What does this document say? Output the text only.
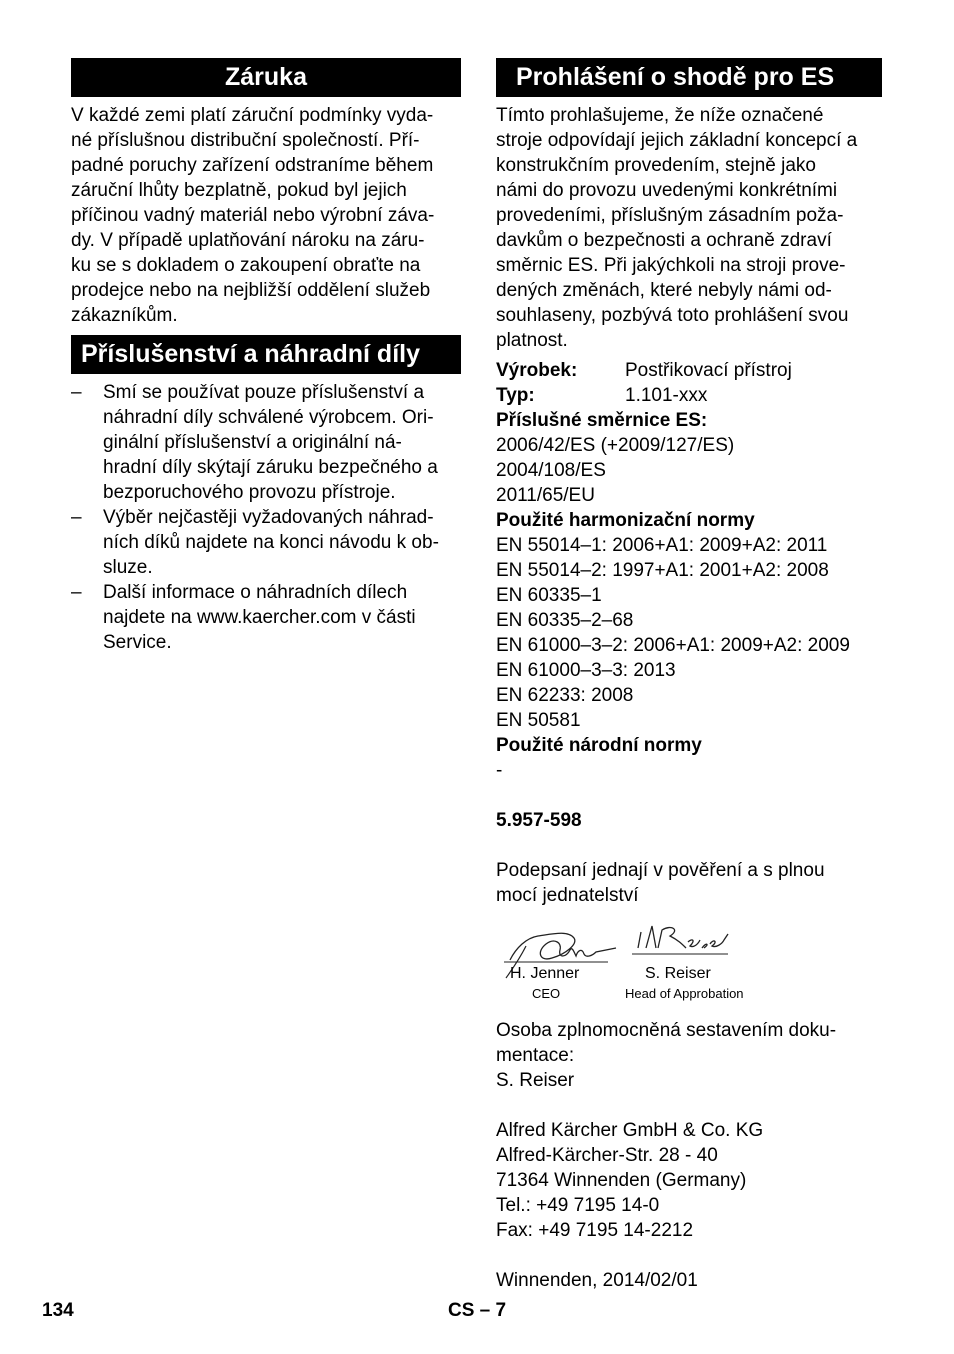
Záruka
V každé zemi platí záruční podmínky vyda-
né příslušnou distribuční společností. Pří-
padné poruchy zařízení odstraníme během
záruční lhůty bezplatně, pokud byl jejich
příčinou vadný materiál nebo výrobní záva-
dy. V případě uplatňování nároku na záru-
ku se s dokladem o zakoupení obraťte na
prodejce nebo na nejbližší oddělení služeb
zákazníkům.
Příslušenství a náhradní díly
– Smí se používat pouze příslušenství a
náhradní díly schválené výrobcem. Ori-
ginální příslušenství a originální ná-
hradní díly skýtají záruku bezpečného a
bezporuchového provozu přístroje.
– Výběr nejčastěji vyžadovaných náhrad-
ních díků najdete na konci návodu k ob-
sluze.
– Další informace o náhradních dílech
najdete na www.kaercher.com v části
Service.
Prohlášení o shodě pro ES
Tímto prohlašujeme, že níže označené
stroje odpovídají jejich základní koncepcí a
konstrukčním provedením, stejně jako
námi do provozu uvedenými konkrétními
provedeními, příslušným zásadním poža-
davkům o bezpečnosti a ochraně zdraví
směrnic ES. Při jakýchkoli na stroji prove-
dených změnách, které nebyly námi od-
souhlaseny, pozbývá toto prohlášení svou
platnost.
Výrobek:	Postřikovací přístroj
Typ:	1.101-xxx
Příslušné směrnice ES:
2006/42/ES (+2009/127/ES)
2004/108/ES
2011/65/EU
Použité harmonizační normy
EN 55014–1: 2006+A1: 2009+A2: 2011
EN 55014–2: 1997+A1: 2001+A2: 2008
EN 60335–1
EN 60335–2–68
EN 61000–3–2: 2006+A1: 2009+A2: 2009
EN 61000–3–3: 2013
EN 62233: 2008
EN 50581
Použité národní normy
-
5.957-598
Podepsaní jednají v pověření a s plnou
mocí jednatelství
H. Jenner
CEO
S. Reiser
Head of Approbation
Osoba zplnomocněná sestavením doku-
mentace:
S. Reiser
Alfred Kärcher GmbH & Co. KG
Alfred-Kärcher-Str. 28 - 40
71364 Winnenden (Germany)
Tel.: +49 7195 14-0
Fax: +49 7195 14-2212
Winnenden, 2014/02/01
134	CS – 7
